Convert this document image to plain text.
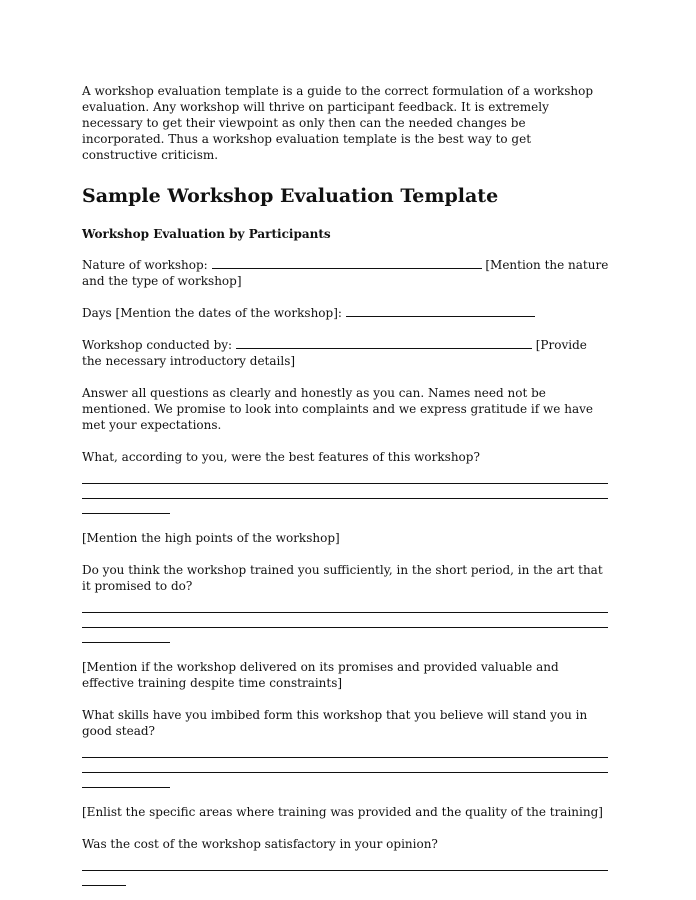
A workshop evaluation template is a guide to the correct formulation of a workshop evaluation. Any workshop will thrive on participant feedback. It is extremely necessary to get their viewpoint as only then can the needed changes be incorporated. Thus a workshop evaluation template is the best way to get constructive criticism.

Sample Workshop Evaluation Template
Workshop Evaluation by Participants

Nature of workshop:	[Mention the nature and the type of workshop]

Days [Mention the dates of the workshop]:

Workshop conducted by:	[Provide the necessary introductory details]

Answer all questions as clearly and honestly as you can. Names need not be mentioned. We promise to look into complaints and we express gratitude if we have met your expectations.

What, according to you, were the best features of this workshop?

[Mention the high points of the workshop]

Do you think the workshop trained you sufficiently, in the short period, in the art that it promised to do?

[Mention if the workshop delivered on its promises and provided valuable and effective training despite time constraints]

What skills have you imbibed form this workshop that you believe will stand you in good stead?

[Enlist the specific areas where training was provided and the quality of the training]

Was the cost of the workshop satisfactory in your opinion?
